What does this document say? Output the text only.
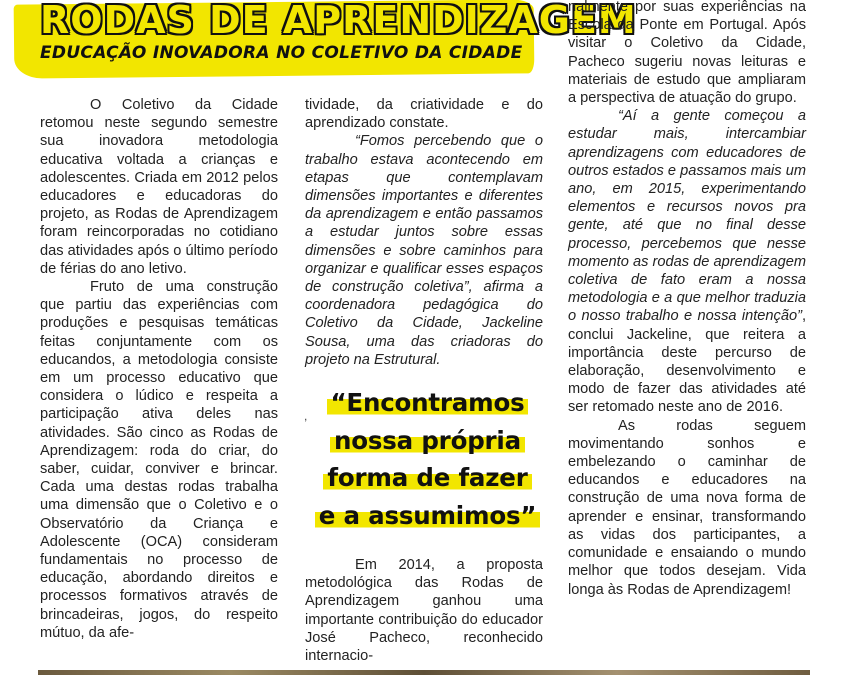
RODAS DE APRENDIZAGEM
EDUCAÇÃO INOVADORA NO COLETIVO DA CIDADE

O Coletivo da Cidade retomou neste segundo semestre sua inovadora metodologia educativa voltada a crianças e adolescentes. Criada em 2012 pelos educadores e educadoras do projeto, as Rodas de Aprendizagem foram reincorporadas no cotidiano das atividades após o último período de férias do ano letivo.

Fruto de uma construção que partiu das experiências com produções e pesquisas temáticas feitas conjuntamente com os educandos, a metodologia consiste em um processo educativo que considera o lúdico e respeita a participação ativa deles nas atividades. São cinco as Rodas de Aprendizagem: roda do criar, do saber, cuidar, conviver e brincar. Cada uma destas rodas trabalha uma dimensão que o Coletivo e o Observatório da Criança e Adolescente (OCA) consideram fundamentais no processo de educação, abordando direitos e processos formativos através de brincadeiras, jogos, do respeito mútuo, da afe-

tividade, da criatividade e do aprendizado constate.

“Fomos percebendo que o trabalho estava acontecendo em etapas que contemplavam dimensões importantes e diferentes da aprendizagem e então passamos a estudar juntos sobre essas dimensões e sobre caminhos para organizar e qualificar esses espaços de construção coletiva”, afirma a coordenadora pedagógica do Coletivo da Cidade, Jackeline Sousa, uma das criadoras do projeto na Estrutural.

, “Encontramos
nossa própria
forma de fazer
e a assumimos”

Em 2014, a proposta metodológica das Rodas de Aprendizagem ganhou uma importante contribuição do educador José Pacheco, reconhecido internacio-

nalmente por suas experiências na Escola da Ponte em Portugal. Após visitar o Coletivo da Cidade, Pacheco sugeriu novas leituras e materiais de estudo que ampliaram a perspectiva de atuação do grupo.

“Aí a gente começou a estudar mais, intercambiar aprendizagens com educadores de outros estados e passamos mais um ano, em 2015, experimentando elementos e recursos novos pra gente, até que no final desse processo, percebemos que nesse momento as rodas de aprendizagem coletiva de fato eram a nossa metodologia e a que melhor traduzia o nosso trabalho e nossa intenção”, conclui Jackeline, que reitera a importância deste percurso de elaboração, desenvolvimento e modo de fazer das atividades até ser retomado neste ano de 2016.

As rodas seguem movimentando sonhos e embelezando o caminhar de educandos e educadores na construção de uma nova forma de aprender e ensinar, transformando as vidas dos participantes, a comunidade e ensaiando o mundo melhor que todos desejam. Vida longa às Rodas de Aprendizagem!
